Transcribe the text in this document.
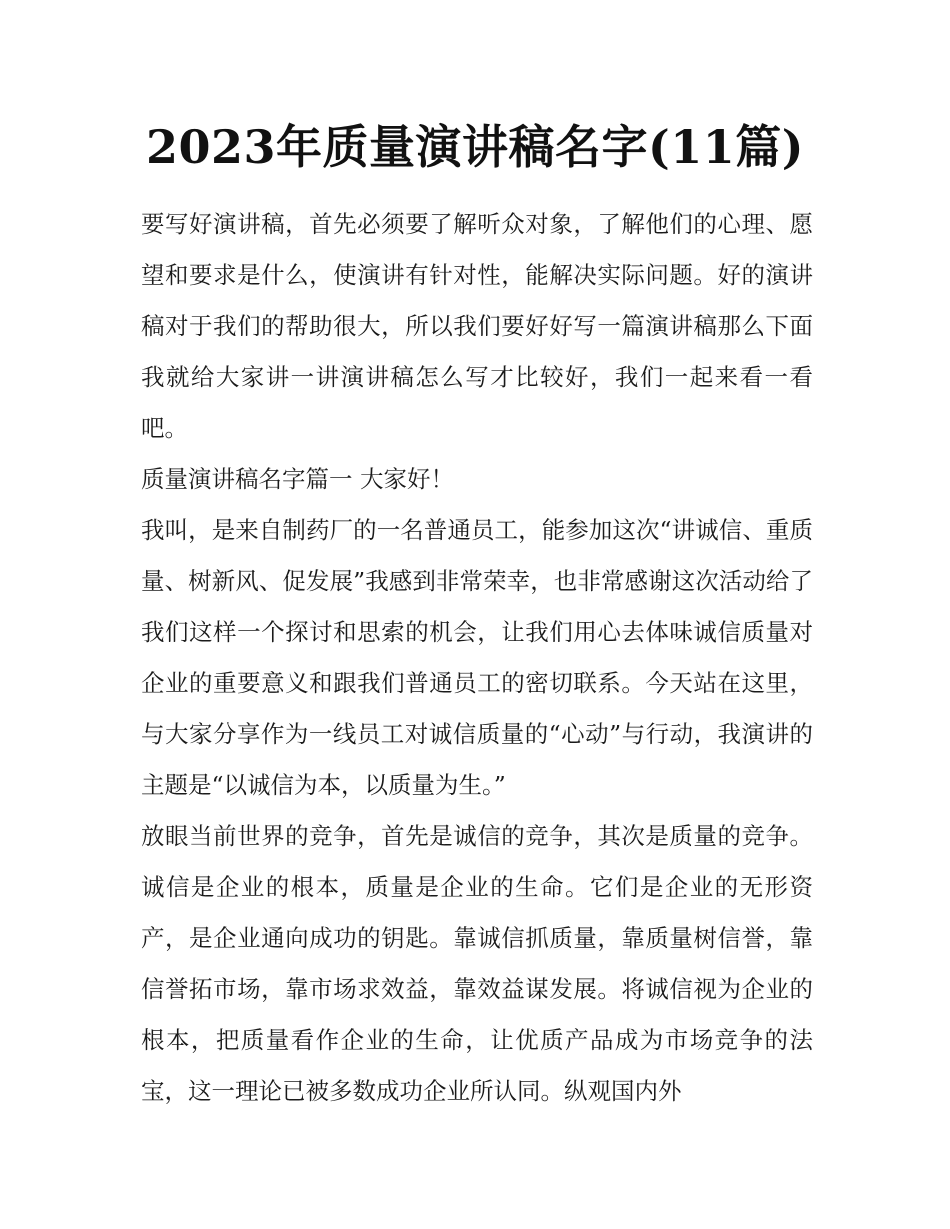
2023年质量演讲稿名字(11篇)

要写好演讲稿，首先必须要了解听众对象，了解他们的心理、愿望和要求是什么，使演讲有针对性，能解决实际问题。好的演讲稿对于我们的帮助很大，所以我们要好好写一篇演讲稿那么下面我就给大家讲一讲演讲稿怎么写才比较好，我们一起来看一看吧。

质量演讲稿名字篇一 大家好！

我叫，是来自制药厂的一名普通员工，能参加这次“讲诚信、重质量、树新风、促发展”我感到非常荣幸，也非常感谢这次活动给了我们这样一个探讨和思索的机会，让我们用心去体味诚信质量对企业的重要意义和跟我们普通员工的密切联系。今天站在这里，与大家分享作为一线员工对诚信质量的“心动”与行动，我演讲的主题是“以诚信为本，以质量为生。”

放眼当前世界的竞争，首先是诚信的竞争，其次是质量的竞争。诚信是企业的根本，质量是企业的生命。它们是企业的无形资产，是企业通向成功的钥匙。靠诚信抓质量，靠质量树信誉，靠信誉拓市场，靠市场求效益，靠效益谋发展。将诚信视为企业的根本，把质量看作企业的生命，让优质产品成为市场竞争的法宝，这一理论已被多数成功企业所认同。纵观国内外
